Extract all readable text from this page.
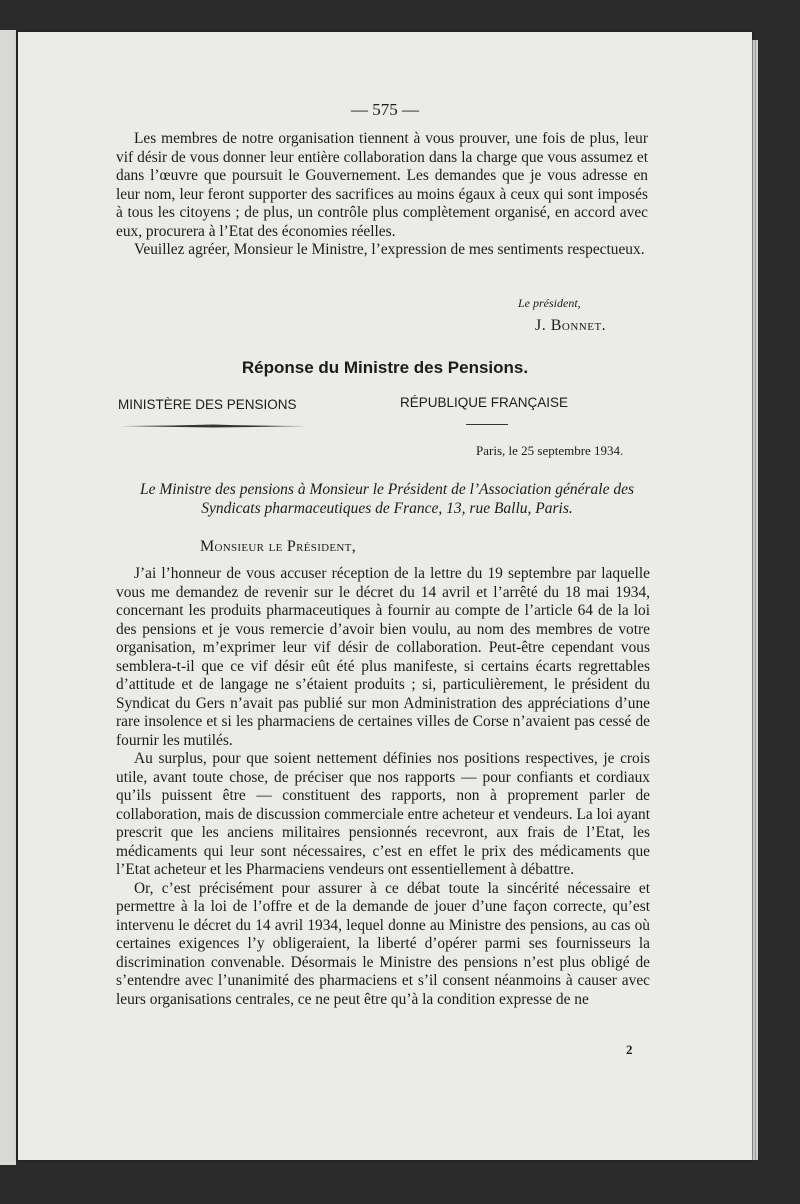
— 575 —

Les membres de notre organisation tiennent à vous prouver, une fois de plus, leur vif désir de vous donner leur entière collaboration dans la charge que vous assumez et dans l’œuvre que poursuit le Gouvernement. Les demandes que je vous adresse en leur nom, leur feront supporter des sacrifices au moins égaux à ceux qui sont imposés à tous les citoyens ; de plus, un contrôle plus complètement organisé, en accord avec eux, procurera à l’Etat des économies réelles.

Veuillez agréer, Monsieur le Ministre, l’expression de mes sentiments respectueux.

Le président,
J. Bonnet.
Réponse du Ministre des Pensions.
MINISTÈRE DES PENSIONS	RÉPUBLIQUE FRANÇAISE
Paris, le 25 septembre 1934.
Le Ministre des pensions à Monsieur le Président de l’Association générale des Syndicats pharmaceutiques de France, 13, rue Ballu, Paris.
Monsieur le Président,

J’ai l’honneur de vous accuser réception de la lettre du 19 septembre par laquelle vous me demandez de revenir sur le décret du 14 avril et l’arrêté du 18 mai 1934, concernant les produits pharmaceutiques à fournir au compte de l’article 64 de la loi des pensions et je vous remercie d’avoir bien voulu, au nom des membres de votre organisation, m’exprimer leur vif désir de collaboration. Peut-être cependant vous semblera-t-il que ce vif désir eût été plus manifeste, si certains écarts regrettables d’attitude et de langage ne s’étaient produits ; si, particulièrement, le président du Syndicat du Gers n’avait pas publié sur mon Administration des appréciations d’une rare insolence et si les pharmaciens de certaines villes de Corse n’avaient pas cessé de fournir les mutilés.

Au surplus, pour que soient nettement définies nos positions respectives, je crois utile, avant toute chose, de préciser que nos rapports — pour confiants et cordiaux qu’ils puissent être — constituent des rapports, non à proprement parler de collaboration, mais de discussion commerciale entre acheteur et vendeurs. La loi ayant prescrit que les anciens militaires pensionnés recevront, aux frais de l’Etat, les médicaments qui leur sont nécessaires, c’est en effet le prix des médicaments que l’Etat acheteur et les Pharmaciens vendeurs ont essentiellement à débattre.

Or, c’est précisément pour assurer à ce débat toute la sincérité nécessaire et permettre à la loi de l’offre et de la demande de jouer d’une façon correcte, qu’est intervenu le décret du 14 avril 1934, lequel donne au Ministre des pensions, au cas où certaines exigences l’y obligeraient, la liberté d’opérer parmi ses fournisseurs la discrimination convenable. Désormais le Ministre des pensions n’est plus obligé de s’entendre avec l’unanimité des pharmaciens et s’il consent néanmoins à causer avec leurs organisations centrales, ce ne peut être qu’à la condition expresse de ne

2
